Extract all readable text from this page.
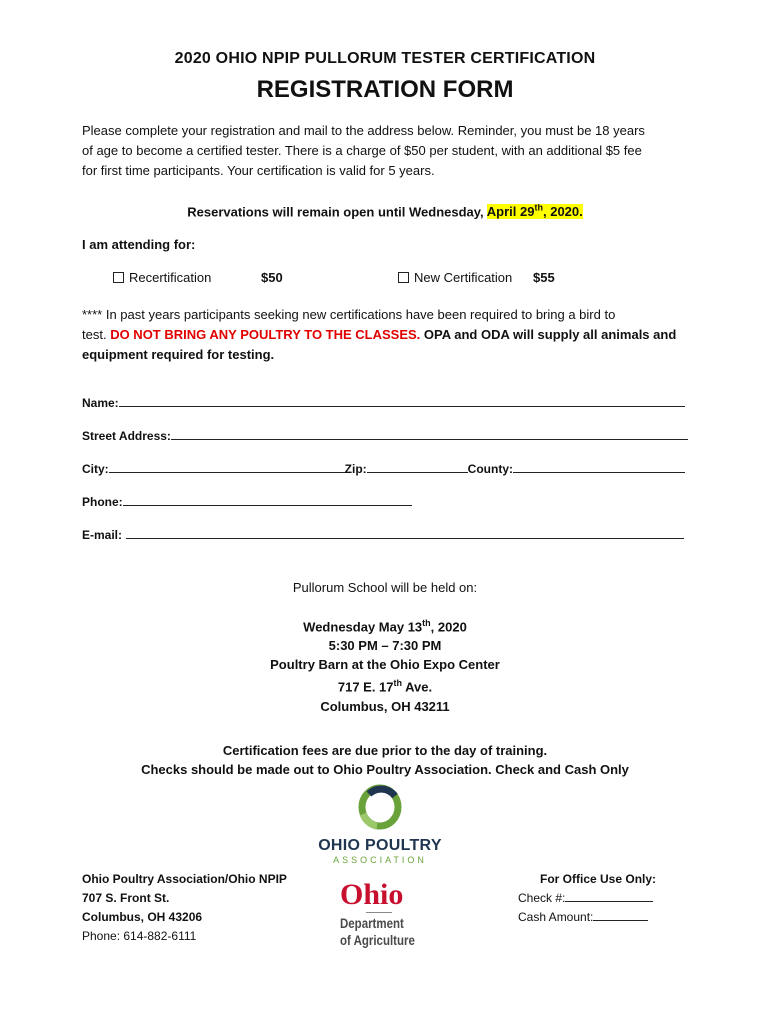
2020 OHIO NPIP PULLORUM TESTER CERTIFICATION
REGISTRATION FORM
Please complete your registration and mail to the address below. Reminder, you must be 18 years
of age to become a certified tester. There is a charge of $50 per student, with an additional $5 fee
for first time participants. Your certification is valid for 5 years.
Reservations will remain open until Wednesday, April 29th, 2020.
I am attending for:
Recertification	$50	New Certification $55
**** In past years participants seeking new certifications have been required to bring a bird to
test. DO NOT BRING ANY POULTRY TO THE CLASSES. OPA and ODA will supply all animals and
equipment required for testing.
Name:
Street Address:
City:	Zip:	County:
Phone:
E-mail:
Pullorum School will be held on:
Wednesday May 13th, 2020
5:30 PM – 7:30 PM
Poultry Barn at the Ohio Expo Center
717 E. 17th Ave.
Columbus, OH 43211
Certification fees are due prior to the day of training.
Checks should be made out to Ohio Poultry Association. Check and Cash Only
OHIO POULTRY
ASSOCIATION
Ohio Poultry Association/Ohio NPIP
707 S. Front St.
Columbus, OH 43206
Phone: 614-882-6111
Ohio
Department
of Agriculture
For Office Use Only:
Check #:
Cash Amount:
